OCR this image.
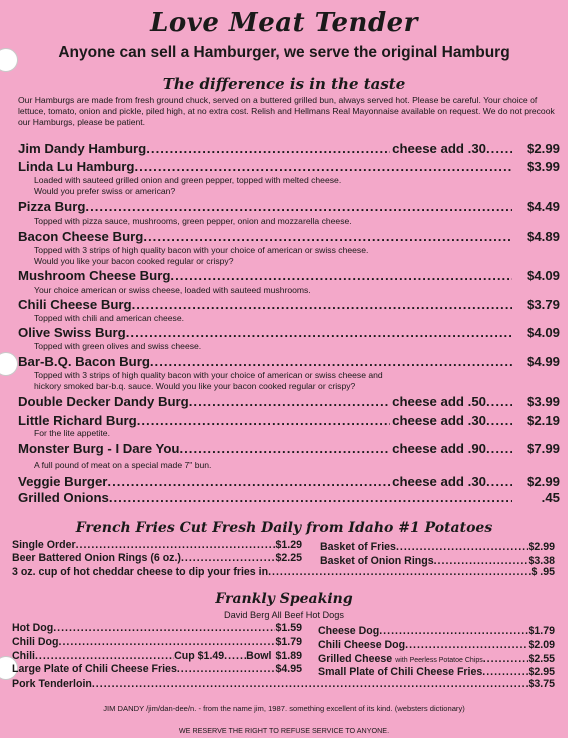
Love Meat Tender
Anyone can sell a Hamburger, we serve the original Hamburg
The difference is in the taste
Our Hamburgs are made from fresh ground chuck, served on a buttered grilled bun, always served hot. Please be careful. Your choice of lettuce, tomato, onion and pickle, piled high, at no extra cost. Relish and Hellmans Real Mayonnaise available on request. We do not precook our Hamburgs, please be patient.
Jim Dandy Hamburg .....	cheese add .30 .....	$2.99
Linda Lu Hamburg .....	$3.99
Loaded with sauteed grilled onion and green pepper, topped with melted cheese.
Would you prefer swiss or american?
Pizza Burg .....	$4.49
Topped with pizza sauce, mushrooms, green pepper, onion and mozzarella cheese.
Bacon Cheese Burg .....	$4.89
Topped with 3 strips of high quality bacon with your choice of american or swiss cheese.
Would you like your bacon cooked regular or crispy?
Mushroom Cheese Burg .....	$4.09
Your choice american or swiss cheese, loaded with sauteed mushrooms.
Chili Cheese Burg .....	$3.79
Topped with chili and american cheese.
Olive Swiss Burg .....	$4.09
Topped with green olives and swiss cheese.
Bar-B.Q. Bacon Burg .....	$4.99
Topped with 3 strips of high quality bacon with your choice of american or swiss cheese and
hickory smoked bar-b.q. sauce. Would you like your bacon cooked regular or crispy?
Double Decker Dandy Burg .....	cheese add .50 .....	$3.99
Little Richard Burg .....	cheese add .30 .....	$2.19
For the lite appetite.
Monster Burg - I Dare You .....	cheese add .90 .....	$7.99
A full pound of meat on a special made 7" bun.
Veggie Burger .....	cheese add .30 .....	$2.99
Grilled Onions .....	.45
French Fries Cut Fresh Daily from Idaho #1 Potatoes
Single Order .....	$1.29
Beer Battered Onion Rings (6 oz.) .....	$2.25
Basket of Fries .....	$2.99
Basket of Onion Rings .....	$3.38
3 oz. cup of hot cheddar cheese to dip your fries in .....	$ .95
Frankly Speaking
David Berg All Beef Hot Dogs
Hot Dog .....	$1.59
Chili Dog .....	$1.79
Chili .....	Cup $1.49 ..... Bowl $1.89
Large Plate of Chili Cheese Fries .....	$4.95
Pork Tenderloin .....	$3.75
Cheese Dog .....	$1.79
Chili Cheese Dog .....	$2.09
Grilled Cheese with Peerless Potatoe Chips .....	$2.55
Small Plate of Chili Cheese Fries .....	$2.95
JIM DANDY /jim/dan-dee/n. - from the name jim, 1987. something excellent of its kind. (websters dictionary)
WE RESERVE THE RIGHT TO REFUSE SERVICE TO ANYONE.
